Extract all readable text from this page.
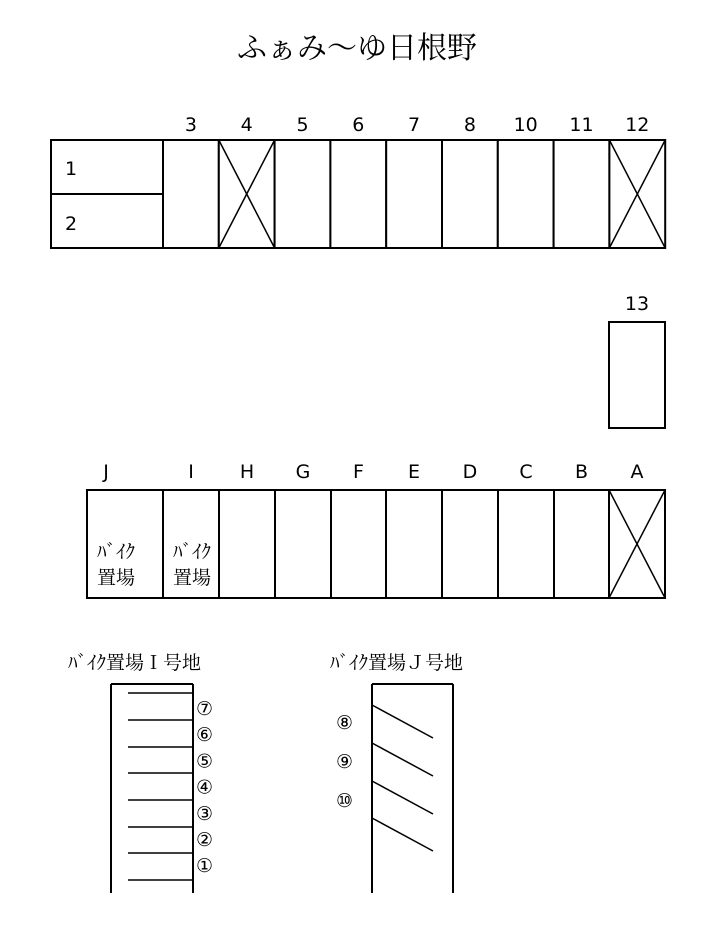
ふぁみ〜ゆ日根野
1
2
3 4 5 6 7 8 10 11 12
13
J
ﾊﾞｲｸ
置場
I
ﾊﾞｲｸ
置場
H G F E D C B A
ﾊﾞｲｸ置場Ｉ号地
⑦
⑥
⑤
④
③
②
①
ﾊﾞｲｸ置場Ｊ号地
⑧
⑨
⑩
